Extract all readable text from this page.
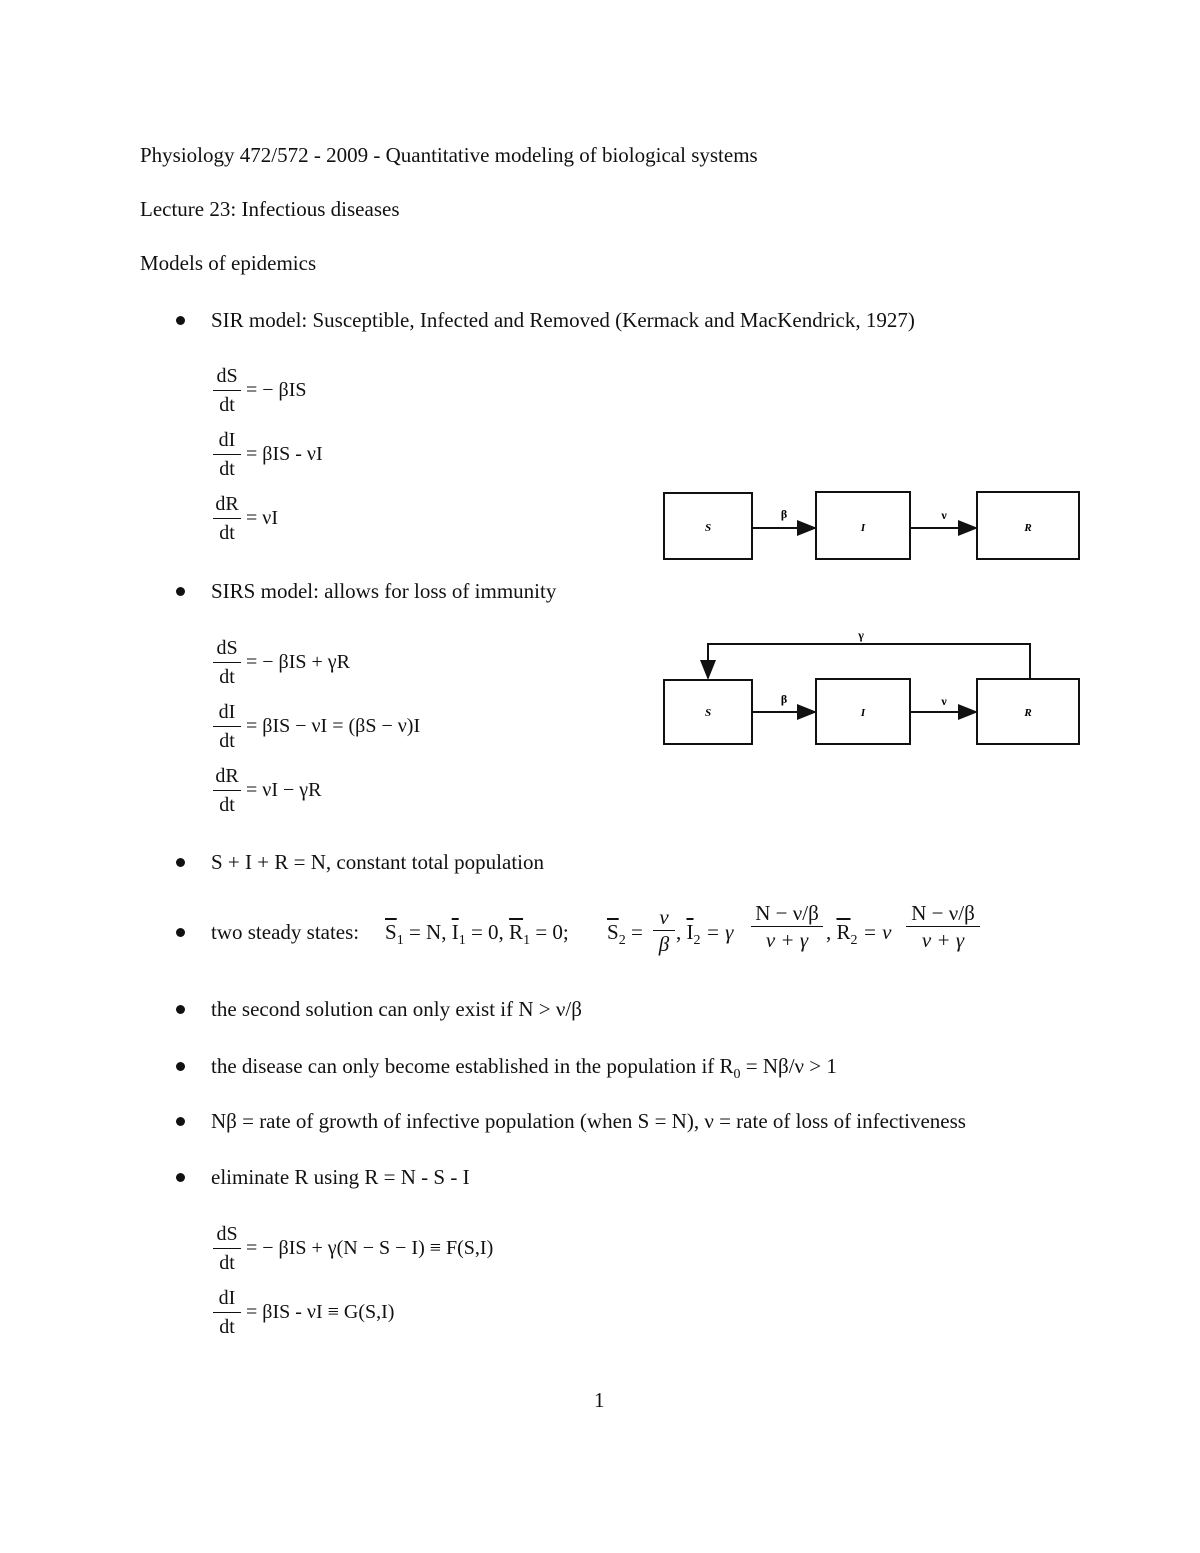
Physiology 472/572 - 2009 - Quantitative modeling of biological systems
Lecture 23: Infectious diseases
Models of epidemics
SIR model: Susceptible, Infected and Removed (Kermack and MacKendrick, 1927)
dS
dt
= − βIS
dI
dt
= βIS - νI
dR
dt
= νI	S	I	R
β	ν
SIRS model: allows for loss of immunity
dS
dt
= − βIS + γR
dI
dt
= βIS − νI = (βS − ν)I
dR
dt
= νI − γR
S	I	R
β	ν
γ
S + I + R = N, constant total population
two steady states: $\overline{S}_1 = N$, $\overline{I}_1 = 0$, $\overline{R}_1 = 0$; $\overline{S}_2$ =
ν
β , $\overline{I}_2 = \gamma$
N − ν/β
ν + γ , $\overline{R}_2 = \nu$
N − ν/β
ν + γ
the second solution can only exist if N > ν/β
the disease can only become established in the population if $R_0 = N\beta/\nu > 1$
Nβ = rate of growth of infective population (when S = N), ν = rate of loss of infectiveness
eliminate R using R = N - S - I
dS
dt
= − βIS + γ(N − S − I) ≡ F(S,I)
dI
dt
= βIS - νI ≡ G(S,I)
1
